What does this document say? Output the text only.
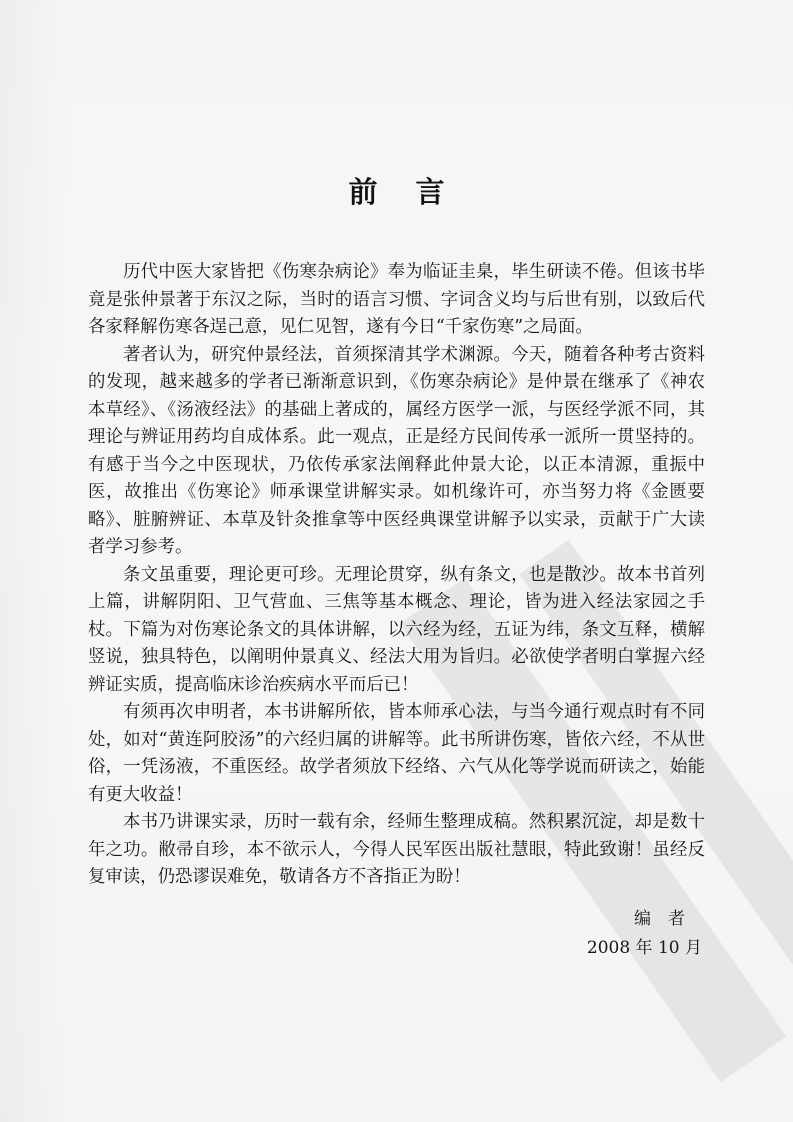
前言

历代中医大家皆把《伤寒杂病论》奉为临证圭臬，毕生研读不倦。但该书毕竟是张仲景著于东汉之际，当时的语言习惯、字词含义均与后世有别，以致后代各家释解伤寒各逞己意，见仁见智，遂有今日“千家伤寒”之局面。

著者认为，研究仲景经法，首须探清其学术渊源。今天，随着各种考古资料的发现，越来越多的学者已渐渐意识到，《伤寒杂病论》是仲景在继承了《神农本草经》、《汤液经法》的基础上著成的，属经方医学一派，与医经学派不同，其理论与辨证用药均自成体系。此一观点，正是经方民间传承一派所一贯坚持的。有感于当今之中医现状，乃依传承家法阐释此仲景大论，以正本清源，重振中医，故推出《伤寒论》师承课堂讲解实录。如机缘许可，亦当努力将《金匮要略》、脏腑辨证、本草及针灸推拿等中医经典课堂讲解予以实录，贡献于广大读者学习参考。

条文虽重要，理论更可珍。无理论贯穿，纵有条文，也是散沙。故本书首列上篇，讲解阴阳、卫气营血、三焦等基本概念、理论，皆为进入经法家园之手杖。下篇为对伤寒论条文的具体讲解，以六经为经，五证为纬，条文互释，横解竖说，独具特色，以阐明仲景真义、经法大用为旨归。必欲使学者明白掌握六经辨证实质，提高临床诊治疾病水平而后已！

有须再次申明者，本书讲解所依，皆本师承心法，与当今通行观点时有不同处，如对“黄连阿胶汤”的六经归属的讲解等。此书所讲伤寒，皆依六经，不从世俗，一凭汤液，不重医经。故学者须放下经络、六气从化等学说而研读之，始能有更大收益！

本书乃讲课实录，历时一载有余，经师生整理成稿。然积累沉淀，却是数十年之功。敝帚自珍，本不欲示人，今得人民军医出版社慧眼，特此致谢！虽经反复审读，仍恐谬误难免，敬请各方不吝指正为盼！

编者
2008 年 10 月
